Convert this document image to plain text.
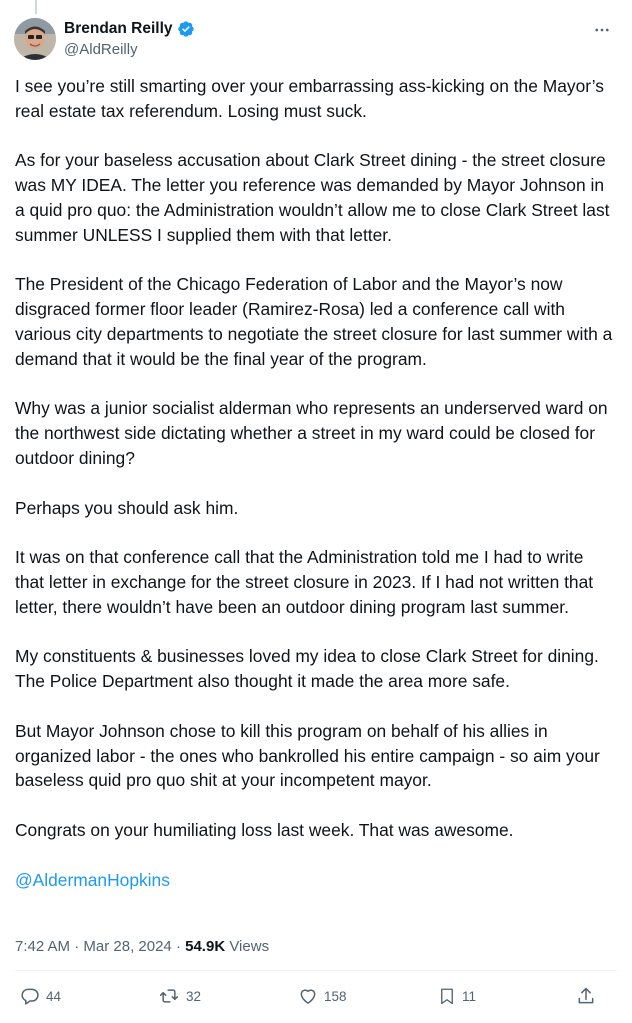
Brendan Reilly
@AldReilly

I see you’re still smarting over your embarrassing ass-kicking on the Mayor’s real estate tax referendum. Losing must suck.

As for your baseless accusation about Clark Street dining - the street closure was MY IDEA. The letter you reference was demanded by Mayor Johnson in a quid pro quo: the Administration wouldn’t allow me to close Clark Street last summer UNLESS I supplied them with that letter.

The President of the Chicago Federation of Labor and the Mayor’s now disgraced former floor leader (Ramirez-Rosa) led a conference call with various city departments to negotiate the street closure for last summer with a demand that it would be the final year of the program.

Why was a junior socialist alderman who represents an underserved ward on the northwest side dictating whether a street in my ward could be closed for outdoor dining?

Perhaps you should ask him.

It was on that conference call that the Administration told me I had to write that letter in exchange for the street closure in 2023. If I had not written that letter, there wouldn’t have been an outdoor dining program last summer.

My constituents & businesses loved my idea to close Clark Street for dining. The Police Department also thought it made the area more safe.

But Mayor Johnson chose to kill this program on behalf of his allies in organized labor - the ones who bankrolled his entire campaign - so aim your baseless quid pro quo shit at your incompetent mayor.

Congrats on your humiliating loss last week. That was awesome.

@AldermanHopkins
7:42 AM · Mar 28, 2024 · 54.9K Views
44	32	158	11
